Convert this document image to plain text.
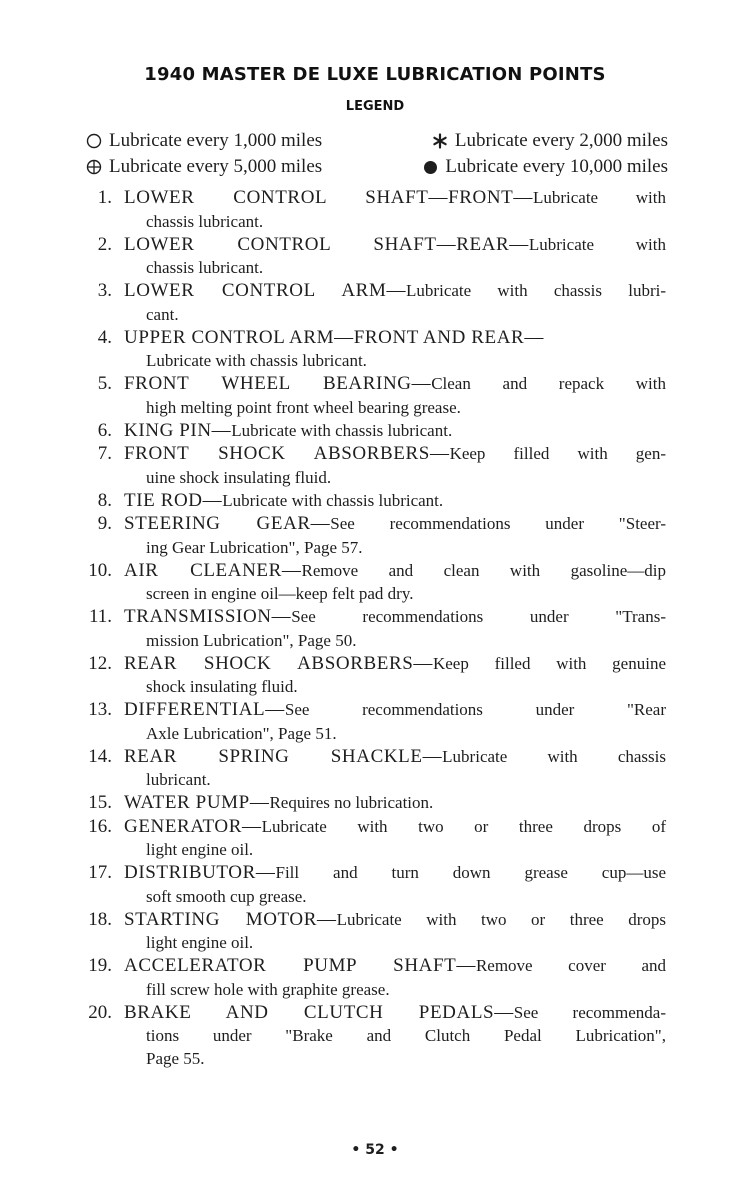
1940 MASTER DE LUXE LUBRICATION POINTS
LEGEND
Lubricate every 1,000 miles	Lubricate every 2,000 miles
Lubricate every 5,000 miles	Lubricate every 10,000 miles
1. LOWER CONTROL SHAFT—FRONT—Lubricate with
chassis lubricant.
2. LOWER CONTROL SHAFT—REAR—Lubricate with
chassis lubricant.
3. LOWER CONTROL ARM—Lubricate with chassis lubri-
cant.
4. UPPER CONTROL ARM—FRONT AND REAR—
Lubricate with chassis lubricant.
5. FRONT WHEEL BEARING—Clean and repack with
high melting point front wheel bearing grease.
6. KING PIN—Lubricate with chassis lubricant.
7. FRONT SHOCK ABSORBERS—Keep filled with gen-
uine shock insulating fluid.
8. TIE ROD—Lubricate with chassis lubricant.
9. STEERING GEAR—See recommendations under "Steer-
ing Gear Lubrication", Page 57.
10. AIR CLEANER—Remove and clean with gasoline—dip
screen in engine oil—keep felt pad dry.
11. TRANSMISSION—See recommendations under "Trans-
mission Lubrication", Page 50.
12. REAR SHOCK ABSORBERS—Keep filled with genuine
shock insulating fluid.
13. DIFFERENTIAL—See recommendations under "Rear
Axle Lubrication", Page 51.
14. REAR SPRING SHACKLE—Lubricate with chassis
lubricant.
15. WATER PUMP—Requires no lubrication.
16. GENERATOR—Lubricate with two or three drops of
light engine oil.
17. DISTRIBUTOR—Fill and turn down grease cup—use
soft smooth cup grease.
18. STARTING MOTOR—Lubricate with two or three drops
light engine oil.
19. ACCELERATOR PUMP SHAFT—Remove cover and
fill screw hole with graphite grease.
20. BRAKE AND CLUTCH PEDALS—See recommenda-
tions under "Brake and Clutch Pedal Lubrication",
Page 55.
• 52 •
